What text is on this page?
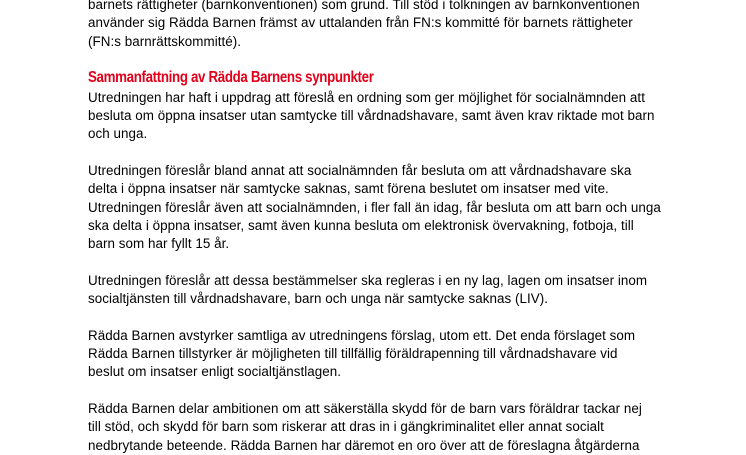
barnets rättigheter (barnkonventionen) som grund. Till stöd i tolkningen av barnkonventionen
använder sig Rädda Barnen främst av uttalanden från FN:s kommitté för barnets rättigheter
(FN:s barnrättskommitté).

Sammanfattning av Rädda Barnens synpunkter

Utredningen har haft i uppdrag att föreslå en ordning som ger möjlighet för socialnämnden att
besluta om öppna insatser utan samtycke till vårdnadshavare, samt även krav riktade mot barn
och unga.

Utredningen föreslår bland annat att socialnämnden får besluta om att vårdnadshavare ska
delta i öppna insatser när samtycke saknas, samt förena beslutet om insatser med vite.
Utredningen föreslår även att socialnämnden, i fler fall än idag, får besluta om att barn och unga
ska delta i öppna insatser, samt även kunna besluta om elektronisk övervakning, fotboja, till
barn som har fyllt 15 år.

Utredningen föreslår att dessa bestämmelser ska regleras i en ny lag, lagen om insatser inom
socialtjänsten till vårdnadshavare, barn och unga när samtycke saknas (LIV).

Rädda Barnen avstyrker samtliga av utredningens förslag, utom ett. Det enda förslaget som
Rädda Barnen tillstyrker är möjligheten till tillfällig föräldrapenning till vårdnadshavare vid
beslut om insatser enligt socialtjänstlagen.

Rädda Barnen delar ambitionen om att säkerställa skydd för de barn vars föräldrar tackar nej
till stöd, och skydd för barn som riskerar att dras in i gängkriminalitet eller annat socialt
nedbrytande beteende. Rädda Barnen har däremot en oro över att de föreslagna åtgärderna
